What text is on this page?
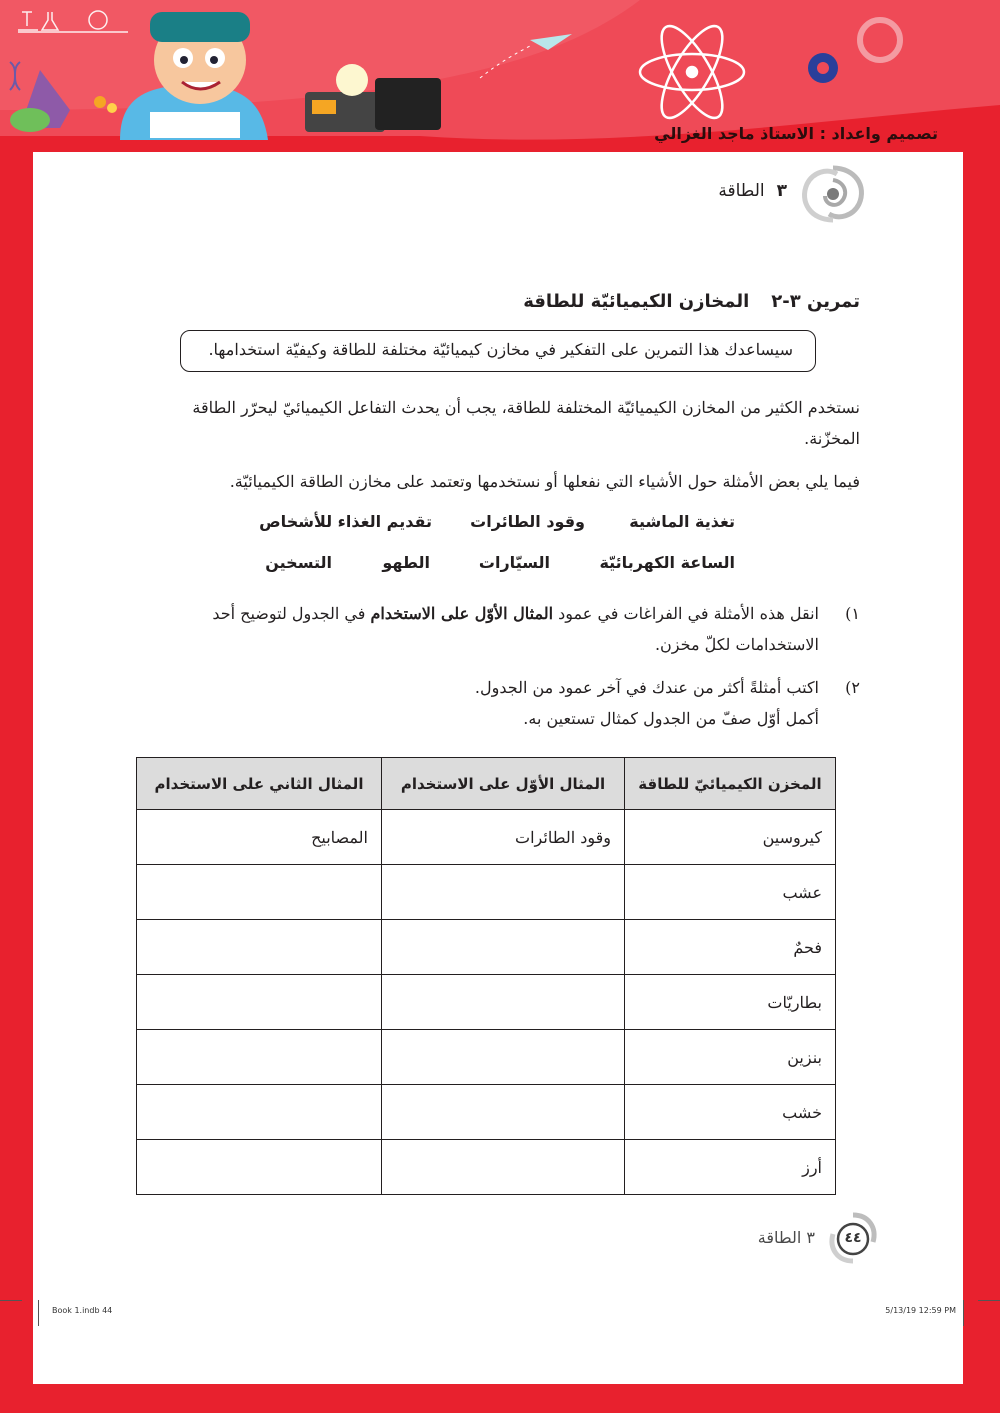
تصميم واعداد : الاستاذ ماجد الغزالي
٣الطاقة
تمرين ٣-٢المخازن الكيميائيّة للطاقة
سيساعدك هذا التمرين على التفكير في مخازن كيميائيّة مختلفة للطاقة وكيفيّة استخدامها.
نستخدم الكثير من المخازن الكيميائيّة المختلفة للطاقة، يجب أن يحدث التفاعل الكيميائيّ ليحرّر الطاقة المخزّنة.
فيما يلي بعض الأمثلة حول الأشياء التي نفعلها أو نستخدمها وتعتمد على مخازن الطاقة الكيميائيّة.
تغذية الماشية
وقود الطائرات
تقديم الغذاء للأشخاص
الساعة الكهربائيّة
السيّارات
الطهو
التسخين
١)
انقل هذه الأمثلة في الفراغات في عمود المثال الأوّل على الاستخدام في الجدول لتوضيح أحد الاستخدامات لكلّ مخزن.
٢)
اكتب أمثلةً أكثر من عندك في آخر عمود من الجدول.
أكمل أوّل صفّ من الجدول كمثال تستعين به.
المخزن الكيميائيّ للطاقة	المثال الأوّل على الاستخدام	المثال الثاني على الاستخدام
كيروسين	وقود الطائرات	المصابيح
عشب		
فحمٌ		
بطاريّات		
بنزين		
خشب		
أرز		
٤٤
٣ الطاقة
Book 1.indb 44	5/13/19 12:59 PM
